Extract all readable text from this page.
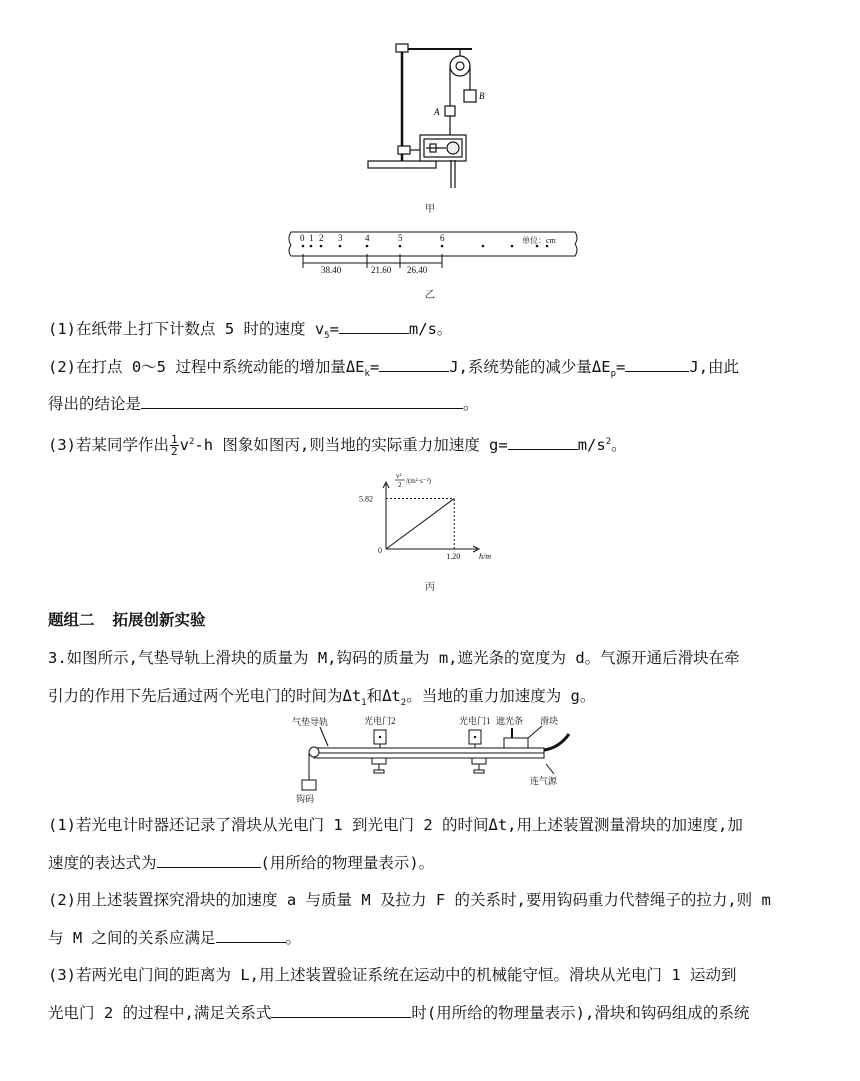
A
B
甲
0 1 2 3	4	5	6	单位：cm
38.40	21.60 26.40
乙
(1)在纸带上打下计数点 5 时的速度 $v_5=$	m/s。
(2)在打点 0～5 过程中系统动能的增加量$\Delta E_k=$	J,系统势能的减少量$\Delta E_p=$	J,由此
得出的结论是	。
(3)若某同学作出 $\frac{1}{2} v^2-h$ 图象如图丙,则当地的实际重力加速度 g=	$m/s^2$。
v²
2 /(m²·s⁻²)
5.82
0
1.20 h/m
丙
题组二 拓展创新实验
3.如图所示,气垫导轨上滑块的质量为 M,钩码的质量为 m,遮光条的宽度为 d。气源开通后滑块在牵
引力的作用下先后通过两个光电门的时间为$\Delta t_1$和$\Delta t_2$。当地的重力加速度为 g。
气垫导轨	光电门2	光电门1 遮光条 滑块
连气源
钩码
(1)若光电计时器还记录了滑块从光电门 1 到光电门 2 的时间Δt,用上述装置测量滑块的加速度,加
速度的表达式为	(用所给的物理量表示)。
(2)用上述装置探究滑块的加速度 a 与质量 M 及拉力 F 的关系时,要用钩码重力代替绳子的拉力,则 m
与 M 之间的关系应满足	。
(3)若两光电门间的距离为 L,用上述装置验证系统在运动中的机械能守恒。滑块从光电门 1 运动到
光电门 2 的过程中,满足关系式	时(用所给的物理量表示),滑块和钩码组成的系统
